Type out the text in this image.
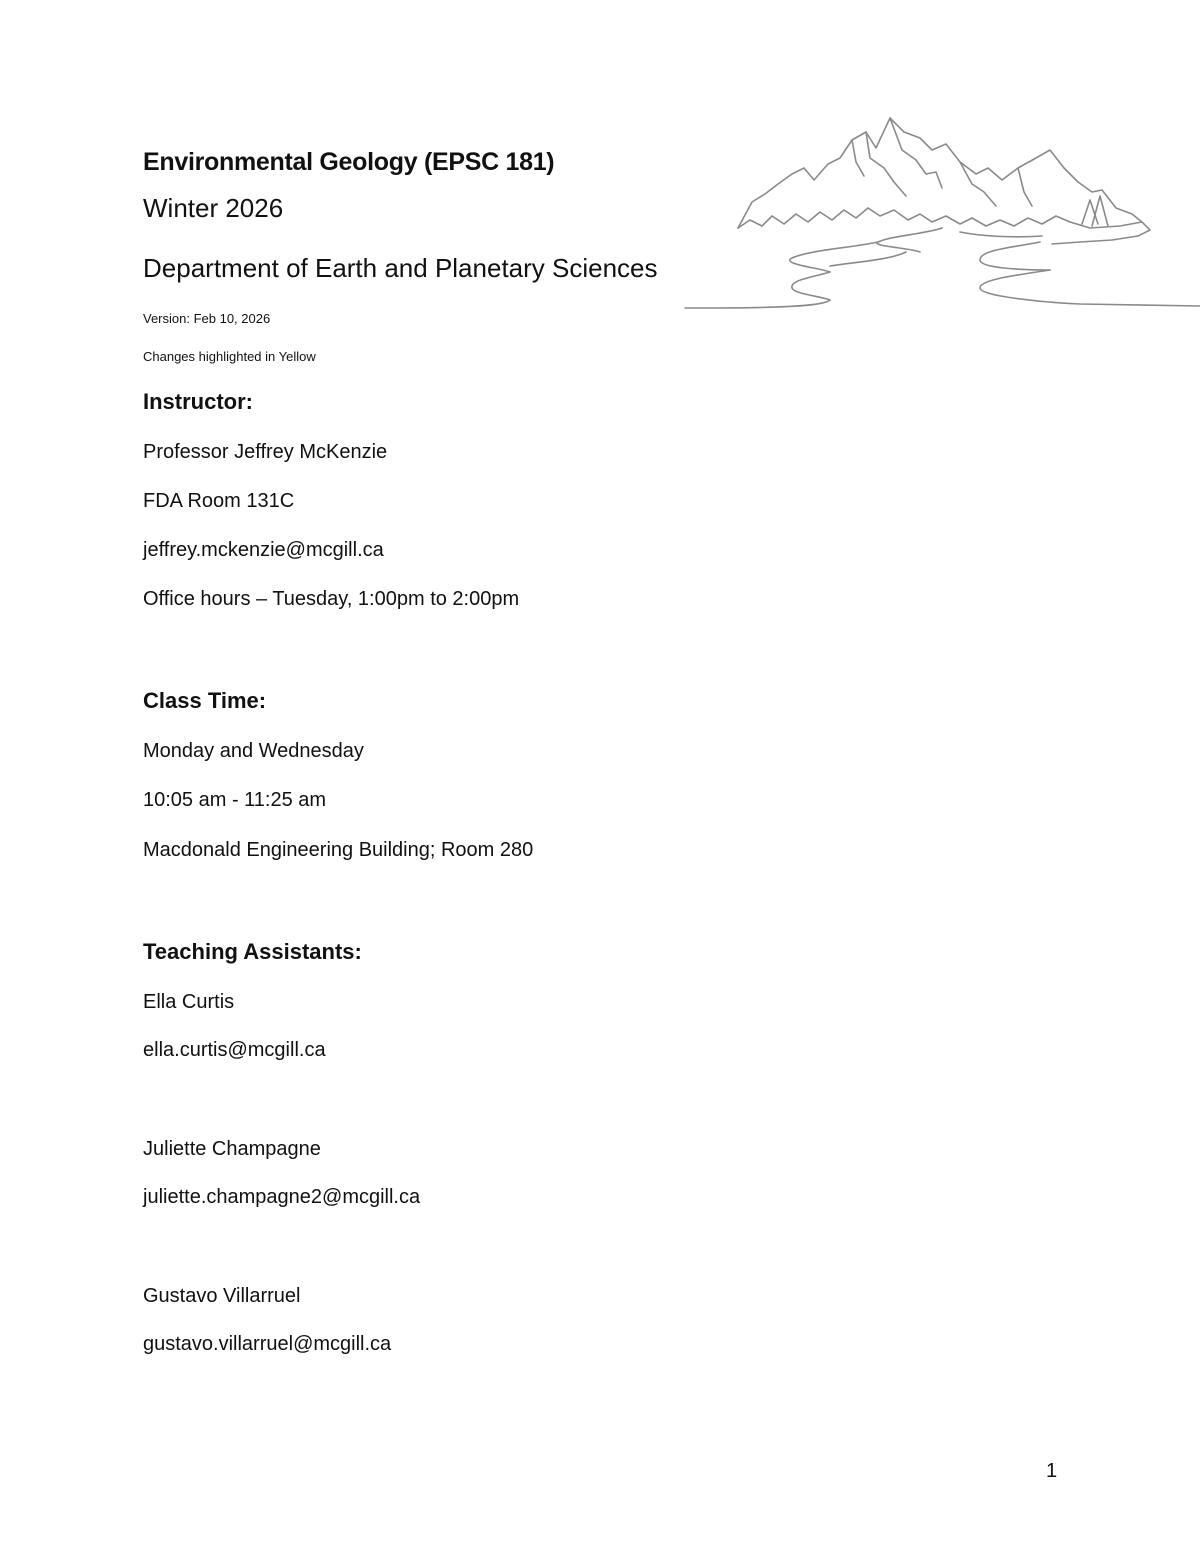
Environmental Geology (EPSC 181)
Winter 2026
Department of Earth and Planetary Sciences
Version: Feb 10, 2026
Changes highlighted in Yellow
Instructor:
Professor Jeffrey McKenzie
FDA Room 131C
jeffrey.mckenzie@mcgill.ca
Office hours – Tuesday, 1:00pm to 2:00pm
Class Time:
Monday and Wednesday
10:05 am - 11:25 am
Macdonald Engineering Building; Room 280
Teaching Assistants:
Ella Curtis
ella.curtis@mcgill.ca
Juliette Champagne
juliette.champagne2@mcgill.ca
Gustavo Villarruel
gustavo.villarruel@mcgill.ca
1
